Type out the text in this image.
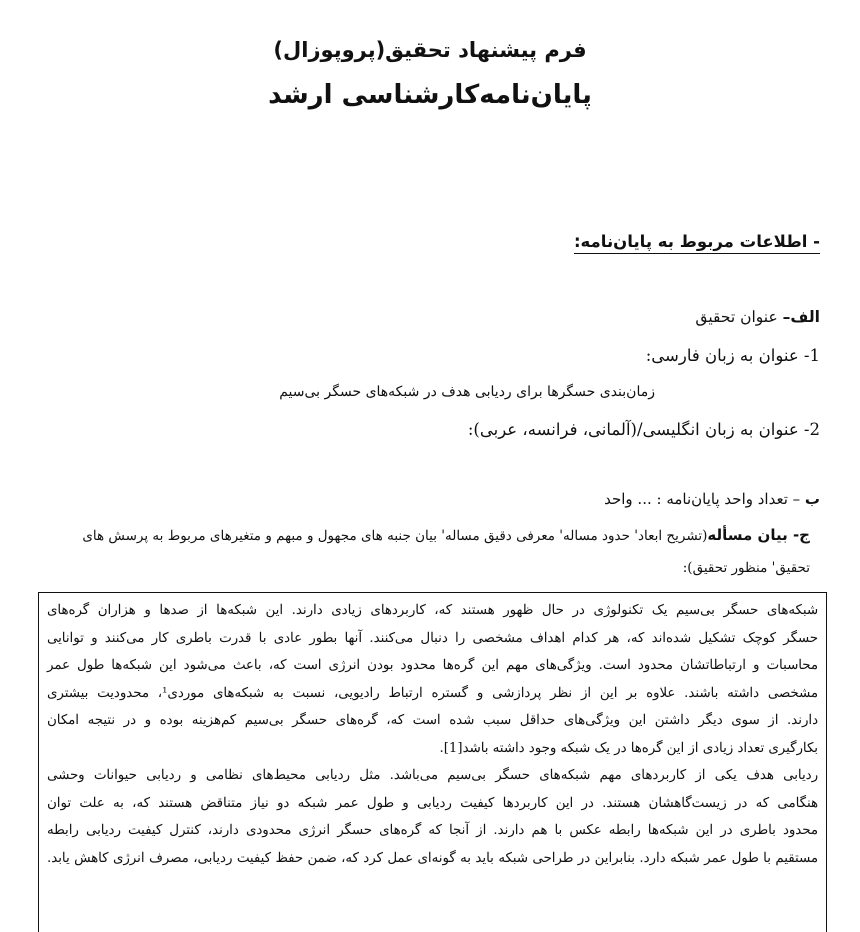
فرم پیشنهاد تحقیق(پروپوزال)
پایان‌نامه‌کارشناسی ارشد
- اطلاعات مربوط به پایان‌نامه:
الف– عنوان تحقیق
1- عنوان به زبان فارسی:
زمان‌بندی حسگرها برای ردیابی هدف در شبکه‌های حسگر بی‌سیم
2- عنوان به زبان انگلیسی/(آلمانی، فرانسه، عربی):
ب – تعداد واحد پایان‌نامه : ... واحد
ج- بیان مسأله(تشریح ابعاد' حدود مساله' معرفی دقیق مساله' بیان جنبه های مجهول و مبهم و متغیرهای مربوط به پرسش های
تحقیق' منظور تحقیق):

شبکه‌های حسگر بی‌سیم یک تکنولوژی در حال ظهور هستند که، کاربردهای زیادی دارند. این شبکه‌ها از صدها و هزاران گره‌های

حسگر کوچک تشکیل شده‌اند که، هر کدام اهداف مشخصی را دنبال می‌کنند. آنها بطور عادی با قدرت باطری کار می‌کنند و توانایی

محاسبات و ارتباطاتشان محدود است. ویژگی‌های مهم این گره‌ها محدود بودن انرژی است که، باعث می‌شود این شبکه‌ها طول عمر

مشخصی داشته باشند. علاوه بر این از نظر پردازشی و گستره ارتباط رادیویی، نسبت به شبکه‌های موردی¹، محدودیت بیشتری

دارند. از سوی دیگر داشتن این ویژگی‌های حداقل سبب شده است که، گره‌های حسگر بی‌سیم کم‌هزینه بوده و در نتیجه امکان

بکارگیری تعداد زیادی از این گره‌ها در یک شبکه وجود داشته باشد[1].

ردیابی هدف یکی از کاربردهای مهم شبکه‌های حسگر بی‌سیم می‌باشد. مثل ردیابی محیط‌های نظامی و ردیابی حیوانات وحشی

هنگامی که در زیست‌گاهشان هستند. در این کاربردها کیفیت ردیابی و طول عمر شبکه دو نیاز متناقض هستند که، به علت توان

محدود باطری در این شبکه‌ها رابطه عکس با هم دارند. از آنجا که گره‌های حسگر انرژی محدودی دارند، کنترل کیفیت ردیابی رابطه

مستقیم با طول عمر شبکه دارد. بنابراین در طراحی شبکه باید به گونه‌ای عمل کرد که، ضمن حفظ کیفیت ردیابی، مصرف انرژی کاهش یابد.
